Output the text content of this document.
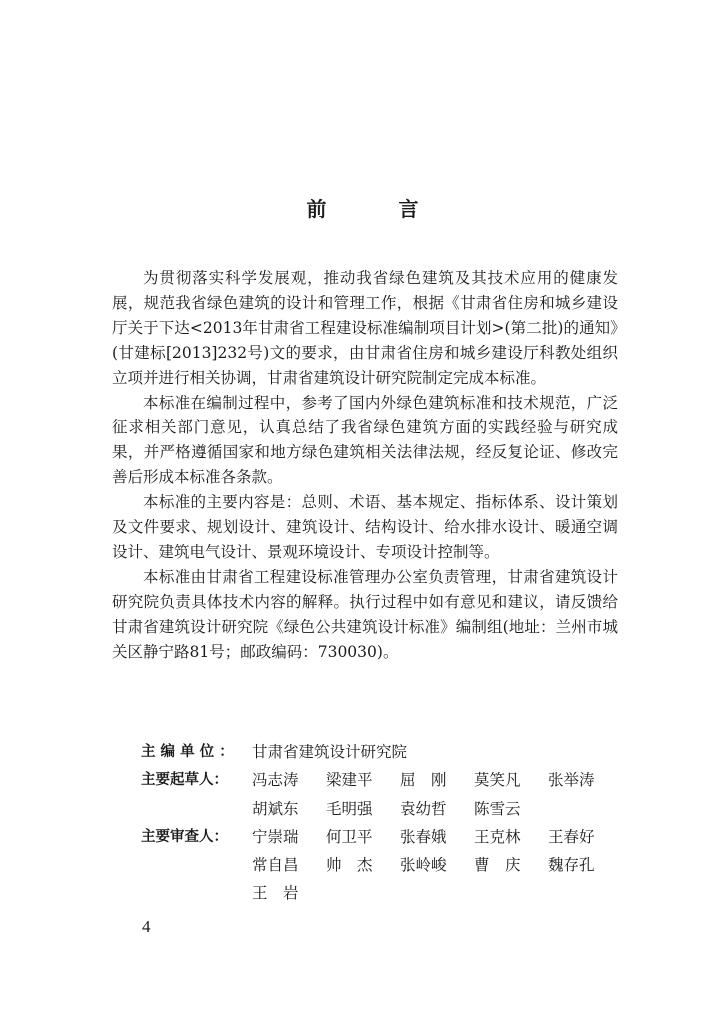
前　言

为贯彻落实科学发展观，推动我省绿色建筑及其技术应用的健康发展，规范我省绿色建筑的设计和管理工作，根据《甘肃省住房和城乡建设厅关于下达<2013年甘肃省工程建设标准编制项目计划>(第二批)的通知》(甘建标[2013]232号)文的要求，由甘肃省住房和城乡建设厅科教处组织立项并进行相关协调，甘肃省建筑设计研究院制定完成本标准。

本标准在编制过程中，参考了国内外绿色建筑标准和技术规范，广泛征求相关部门意见，认真总结了我省绿色建筑方面的实践经验与研究成果，并严格遵循国家和地方绿色建筑相关法律法规，经反复论证、修改完善后形成本标准各条款。

本标准的主要内容是：总则、术语、基本规定、指标体系、设计策划及文件要求、规划设计、建筑设计、结构设计、给水排水设计、暖通空调设计、建筑电气设计、景观环境设计、专项设计控制等。

本标准由甘肃省工程建设标准管理办公室负责管理，甘肃省建筑设计研究院负责具体技术内容的解释。执行过程中如有意见和建议，请反馈给甘肃省建筑设计研究院《绿色公共建筑设计标准》编制组(地址：兰州市城关区静宁路81号；邮政编码：730030)。

主 编 单 位 ：	甘肃省建筑设计研究院
主要起草人：	冯志涛	梁建平	屈　刚	莫笑凡	张举涛
胡斌东	毛明强	袁幼哲	陈雪云
主要审查人：	宁崇瑞	何卫平	张春娥	王克林	王春好
常自昌	帅　杰	张岭峻	曹　庆	魏存孔
王　岩
4
